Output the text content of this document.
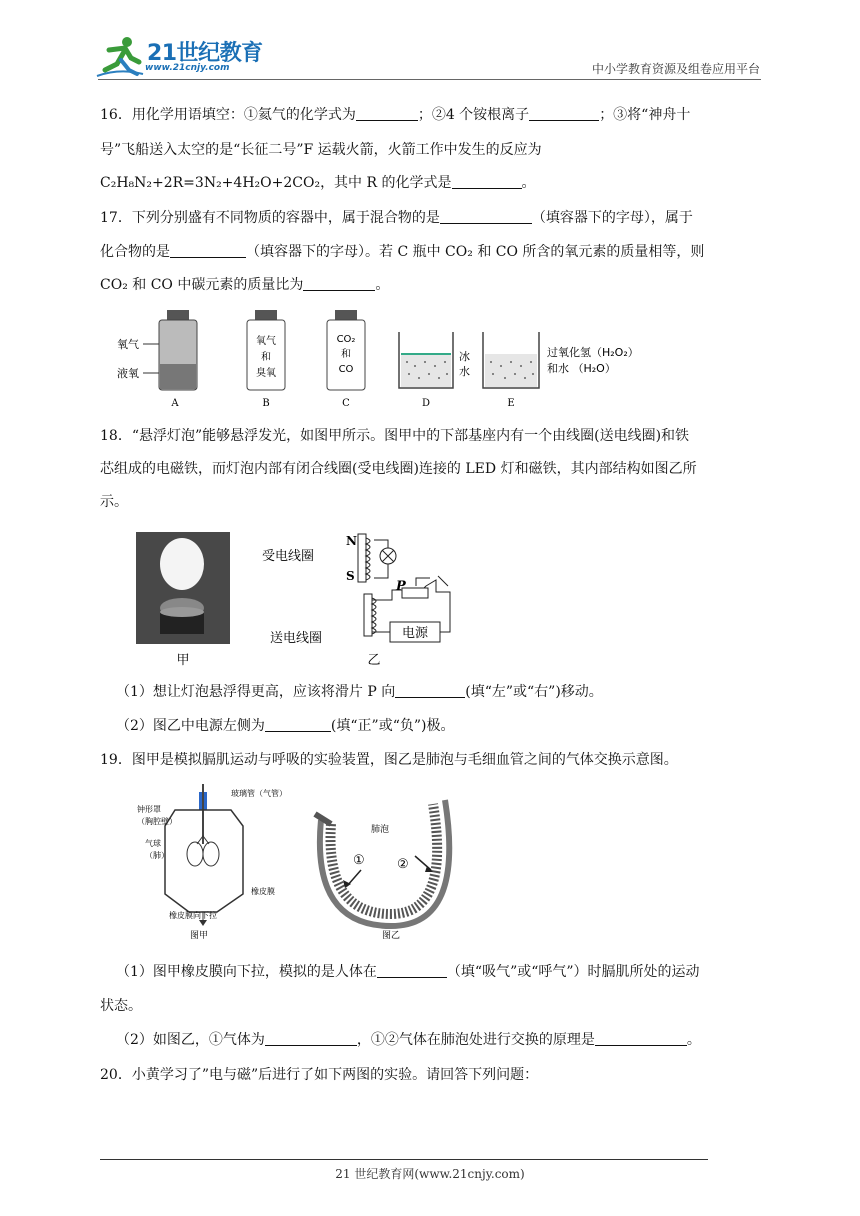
21世纪教育
www.21cnjy.com	中小学教育资源及组卷应用平台
16．用化学用语填空：①氦气的化学式为	；②4 个铵根离子	；③将“神舟十
号”飞船送入太空的是“长征二号”F 运载火箭，火箭工作中发生的反应为
C₂H₈N₂+2R=3N₂+4H₂O+2CO₂，其中 R 的化学式是	。
17．下列分别盛有不同物质的容器中，属于混合物的是	（填容器下的字母），属于
化合物的是	（填容器下的字母）。若 C 瓶中 CO₂ 和 CO 所含的氧元素的质量相等，则
CO₂ 和 CO 中碳元素的质量比为	。
氧气
液氧
A
氧气
和
臭氧
B
CO₂
和
CO
C
冰
水
D
过氧化氢（H₂O₂）
和水 （H₂O）
E
18．“悬浮灯泡”能够悬浮发光，如图甲所示。图甲中的下部基座内有一个由线圈(送电线圈)和铁
芯组成的电磁铁，而灯泡内部有闭合线圈(受电线圈)连接的 LED 灯和磁铁，其内部结构如图乙所
示。
甲
受电线圈
送电线圈
N
S
P
电源
乙
（1）想让灯泡悬浮得更高，应该将滑片 P 向	(填“左”或“右”)移动。
（2）图乙中电源左侧为	(填“正”或“负”)极。
19．图甲是模拟膈肌运动与呼吸的实验装置，图乙是肺泡与毛细血管之间的气体交换示意图。
玻璃管（气管）
钟形罩
（胸腔壁）
气球
（肺）
橡皮膜
橡皮膜向下拉
图甲
肺泡
① ②
图乙
（1）图甲橡皮膜向下拉，模拟的是人体在	（填“吸气”或“呼气”）时膈肌所处的运动
状态。
（2）如图乙，①气体为	，①②气体在肺泡处进行交换的原理是	。
20．小黄学习了”电与磁”后进行了如下两图的实验。请回答下列问题：
21 世纪教育网(www.21cnjy.com)
